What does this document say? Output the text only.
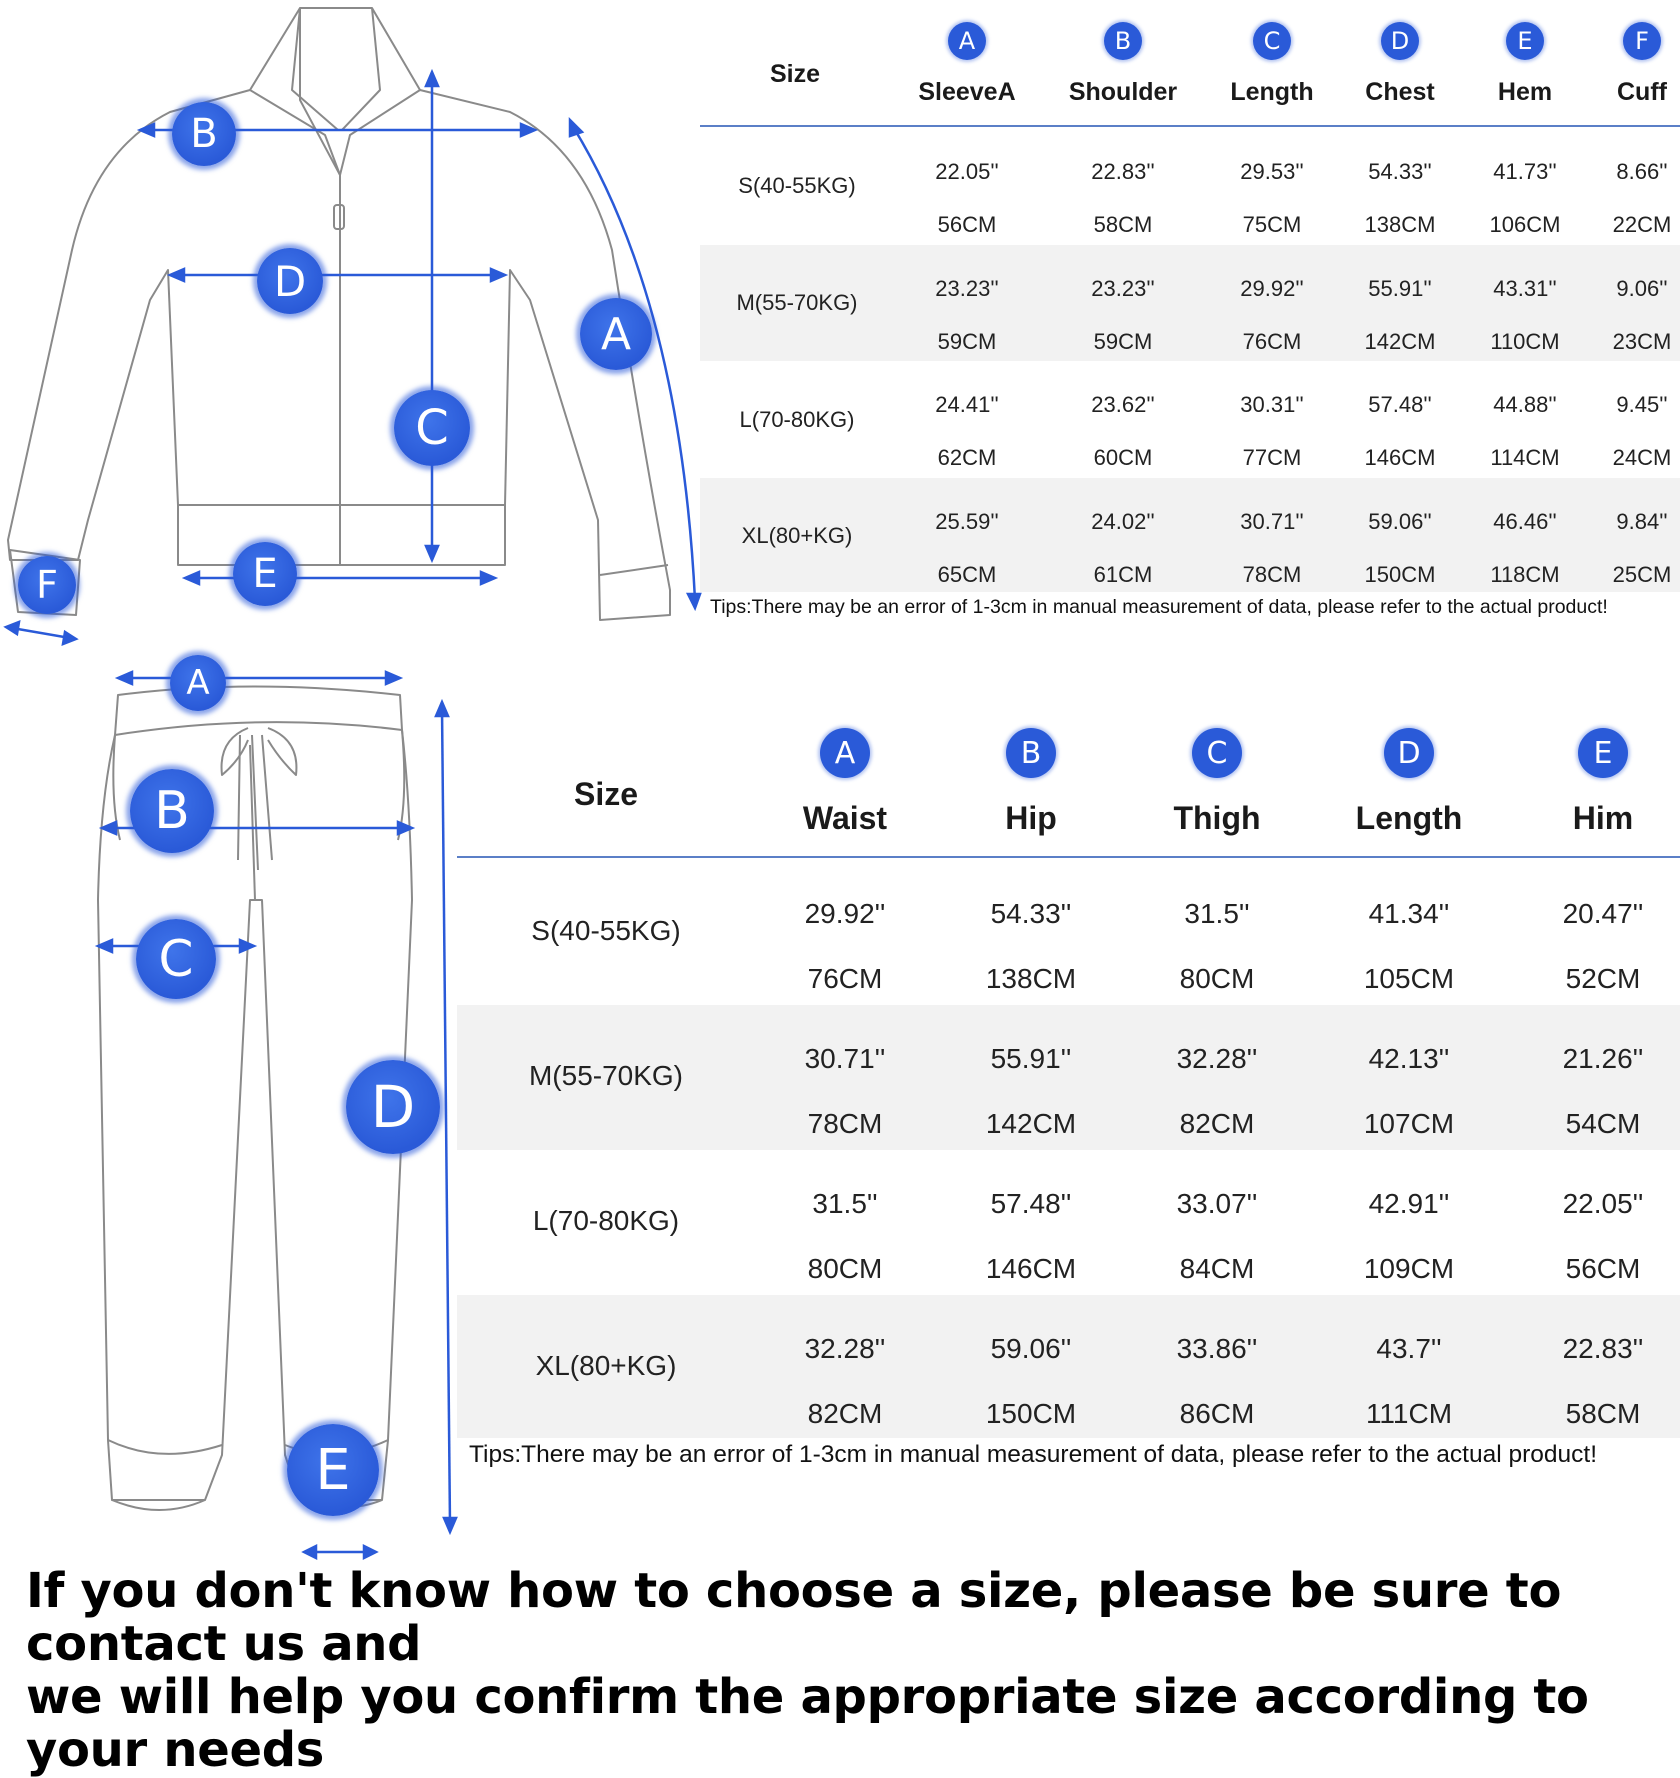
B
D
A
C
E
F
Size
A
SleeveA
B
Shoulder
C
Length
D
Chest
E
Hem
F
Cuff
S(40-55KG)
22.05''
56CM
22.83''
58CM
29.53''
75CM
54.33''
138CM
41.73''
106CM
8.66''
22CM
M(55-70KG)
23.23''
59CM
23.23''
59CM
29.92''
76CM
55.91''
142CM
43.31''
110CM
9.06''
23CM
L(70-80KG)
24.41''
62CM
23.62''
60CM
30.31''
77CM
57.48''
146CM
44.88''
114CM
9.45''
24CM
XL(80+KG)
25.59''
65CM
24.02''
61CM
30.71''
78CM
59.06''
150CM
46.46''
118CM
9.84''
25CM
Tips:There may be an error of 1-3cm in manual measurement of data, please refer to the actual product!
A
B
C
D
E
Size
A
Waist
B
Hip
C
Thigh
D
Length
E
Him
S(40-55KG)
29.92''
76CM
54.33''
138CM
31.5''
80CM
41.34''
105CM
20.47''
52CM
M(55-70KG)
30.71''
78CM
55.91''
142CM
32.28''
82CM
42.13''
107CM
21.26''
54CM
L(70-80KG)
31.5''
80CM
57.48''
146CM
33.07''
84CM
42.91''
109CM
22.05''
56CM
XL(80+KG)
32.28''
82CM
59.06''
150CM
33.86''
86CM
43.7''
111CM
22.83''
58CM
Tips:There may be an error of 1-3cm in manual measurement of data, please refer to the actual product!
If you don't know how to choose a size, please be sure to contact us and
we will help you confirm the appropriate size according to your needs
